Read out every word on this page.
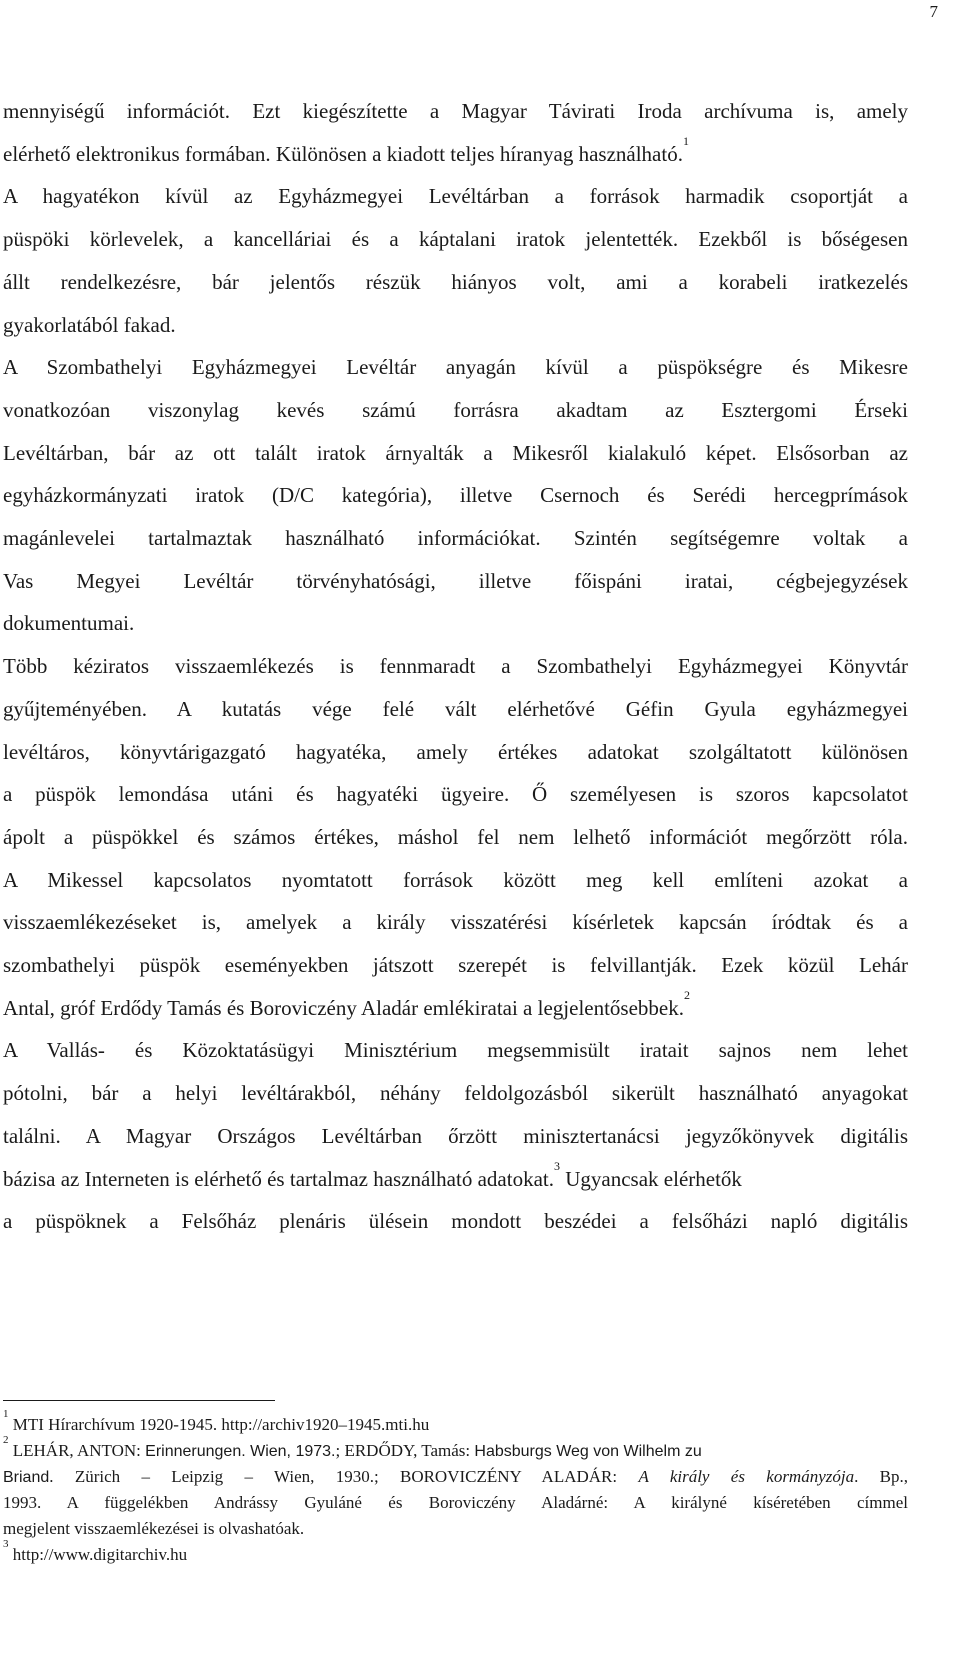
7
mennyiségű információt. Ezt kiegészítette a Magyar Távirati Iroda archívuma is, amely
elérhető elektronikus formában. Különösen a kiadott teljes híranyag használható.$^1$
A hagyatékon kívül az Egyházmegyei Levéltárban a források harmadik csoportját a
püspöki körlevelek, a kancelláriai és a káptalani iratok jelentették. Ezekből is bőségesen
állt rendelkezésre, bár jelentős részük hiányos volt, ami a korabeli iratkezelés
gyakorlatából fakad.
A Szombathelyi Egyházmegyei Levéltár anyagán kívül a püspökségre és Mikesre
vonatkozóan viszonylag kevés számú forrásra akadtam az Esztergomi Érseki
Levéltárban, bár az ott talált iratok árnyalták a Mikesről kialakuló képet. Elsősorban az
egyházkormányzati iratok (D/C kategória), illetve Csernoch és Serédi hercegprímások
magánlevelei tartalmaztak használható információkat. Szintén segítségemre voltak a
Vas Megyei Levéltár törvényhatósági, illetve főispáni iratai, cégbejegyzések
dokumentumai.
Több kéziratos visszaemlékezés is fennmaradt a Szombathelyi Egyházmegyei Könyvtár
gyűjteményében. A kutatás vége felé vált elérhetővé Géfin Gyula egyházmegyei
levéltáros, könyvtárigazgató hagyatéka, amely értékes adatokat szolgáltatott különösen
a püspök lemondása utáni és hagyatéki ügyeire. Ő személyesen is szoros kapcsolatot
ápolt a püspökkel és számos értékes, máshol fel nem lelhető információt megőrzött róla.
A Mikessel kapcsolatos nyomtatott források között meg kell említeni azokat a
visszaemlékezéseket is, amelyek a király visszatérési kísérletek kapcsán íródtak és a
szombathelyi püspök eseményekben játszott szerepét is felvillantják. Ezek közül Lehár
Antal, gróf Erdődy Tamás és Boroviczény Aladár emlékiratai a legjelentősebbek.$^2$
A Vallás- és Közoktatásügyi Minisztérium megsemmisült iratait sajnos nem lehet
pótolni, bár a helyi levéltárakból, néhány feldolgozásból sikerült használható anyagokat
találni. A Magyar Országos Levéltárban őrzött minisztertanácsi jegyzőkönyvek digitális
bázisa az Interneten is elérhető és tartalmaz használható adatokat.$^3$ Ugyancsak elérhetők
a püspöknek a Felsőház plenáris ülésein mondott beszédei a felsőházi napló digitális
$^1$ MTI Hírarchívum 1920-1945. http://archiv1920–1945.mti.hu
$^2$ LEHÁR, ANTON: Erinnerungen. Wien, 1973.; ERDŐDY, Tamás: Habsburgs Weg von Wilhelm zu
Briand. Zürich – Leipzig – Wien, 1930.; BOROVICZÉNY ALADÁR: A király és kormányzója. Bp.,
1993. A függelékben Andrássy Gyuláné és Boroviczény Aladárné: A királyné kíséretében címmel
megjelent visszaemlékezései is olvashatóak.
$^3$ http://www.digitarchiv.hu
